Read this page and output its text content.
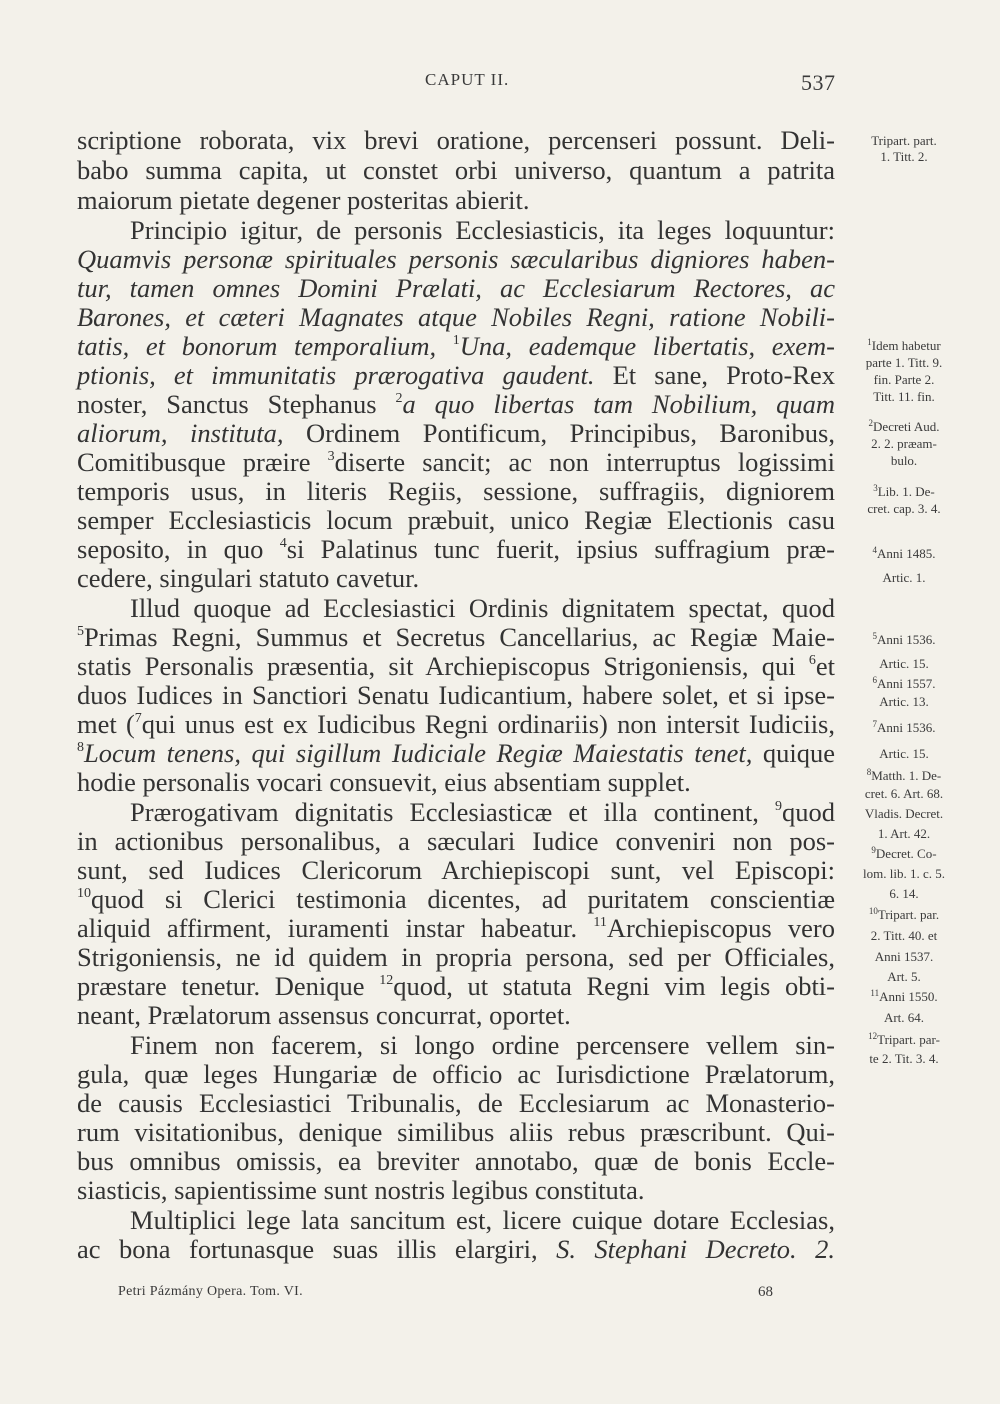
CAPUT II.	537
scriptione roborata, vix brevi oratione, percenseri possunt. Deli-
babo summa capita, ut constet orbi universo, quantum a patrita
maiorum pietate degener posteritas abierit.
Principio igitur, de personis Ecclesiasticis, ita leges loquuntur:
Quamvis personæ spirituales personis sæcularibus digniores haben-
tur, tamen omnes Domini Prælati, ac Ecclesiarum Rectores, ac
Barones, et cæteri Magnates atque Nobiles Regni, ratione Nobili-
tatis, et bonorum temporalium, $^1$Una, eademque libertatis, exem-
ptionis, et immunitatis prærogativa gaudent. Et sane, Proto-Rex
noster, Sanctus Stephanus $^2$a quo libertas tam Nobilium, quam
aliorum, instituta, Ordinem Pontificum, Principibus, Baronibus,
Comitibusque præire $^3$diserte sancit; ac non interruptus logissimi
temporis usus, in literis Regiis, sessione, suffragiis, digniorem
semper Ecclesiasticis locum præbuit, unico Regiæ Electionis casu
seposito, in quo $^4$si Palatinus tunc fuerit, ipsius suffragium præ-
cedere, singulari statuto cavetur.
Illud quoque ad Ecclesiastici Ordinis dignitatem spectat, quod
$^5$Primas Regni, Summus et Secretus Cancellarius, ac Regiæ Maie-
statis Personalis præsentia, sit Archiepiscopus Strigoniensis, qui $^6$et
duos Iudices in Sanctiori Senatu Iudicantium, habere solet, et si ipse-
met ($^7$qui unus est ex Iudicibus Regni ordinariis) non intersit Iudiciis,
$^8$Locum tenens, qui sigillum Iudiciale Regiæ Maiestatis tenet, quique
hodie personalis vocari consuevit, eius absentiam supplet.
Prærogativam dignitatis Ecclesiasticæ et illa continent, $^9$quod
in actionibus personalibus, a sæculari Iudice conveniri non pos-
sunt, sed Iudices Clericorum Archiepiscopi sunt, vel Episcopi:
$^{10}$quod si Clerici testimonia dicentes, ad puritatem conscientiæ
aliquid affirment, iuramenti instar habeatur. $^{11}$Archiepiscopus vero
Strigoniensis, ne id quidem in propria persona, sed per Officiales,
præstare tenetur. Denique $^{12}$quod, ut statuta Regni vim legis obti-
neant, Prælatorum assensus concurrat, oportet.
Finem non facerem, si longo ordine percensere vellem sin-
gula, quæ leges Hungariæ de officio ac Iurisdictione Prælatorum,
de causis Ecclesiastici Tribunalis, de Ecclesiarum ac Monasterio-
rum visitationibus, denique similibus aliis rebus præscribunt. Qui-
bus omnibus omissis, ea breviter annotabo, quæ de bonis Eccle-
siasticis, sapientissime sunt nostris legibus constituta.
Multiplici lege lata sancitum est, licere cuique dotare Ecclesias,
ac bona fortunasque suas illis elargiri, S. Stephani Decreto. 2.
Tripart. part.
1. Titt. 2.
$^1$Idem habetur
parte 1. Titt. 9.
fin. Parte 2.
Titt. 11. fin.
$^2$Decreti Aud.
2. 2. præam-
bulo.
$^3$Lib. 1. De-
cret. cap. 3. 4.
$^4$Anni 1485.
Artic. 1.
$^5$Anni 1536.
Artic. 15.
$^6$Anni 1557.
Artic. 13.
$^7$Anni 1536.
Artic. 15.
$^8$Matth. 1. De-
cret. 6. Art. 68.
Vladis. Decret.
1. Art. 42.
$^9$Decret. Co-
lom. lib. 1. c. 5.
6. 14.
$^{10}$Tripart. par.
2. Titt. 40. et
Anni 1537.
Art. 5.
$^{11}$Anni 1550.
Art. 64.
$^{12}$Tripart. par-
te 2. Tit. 3. 4.
Petri Pázmány Opera. Tom. VI.	68
